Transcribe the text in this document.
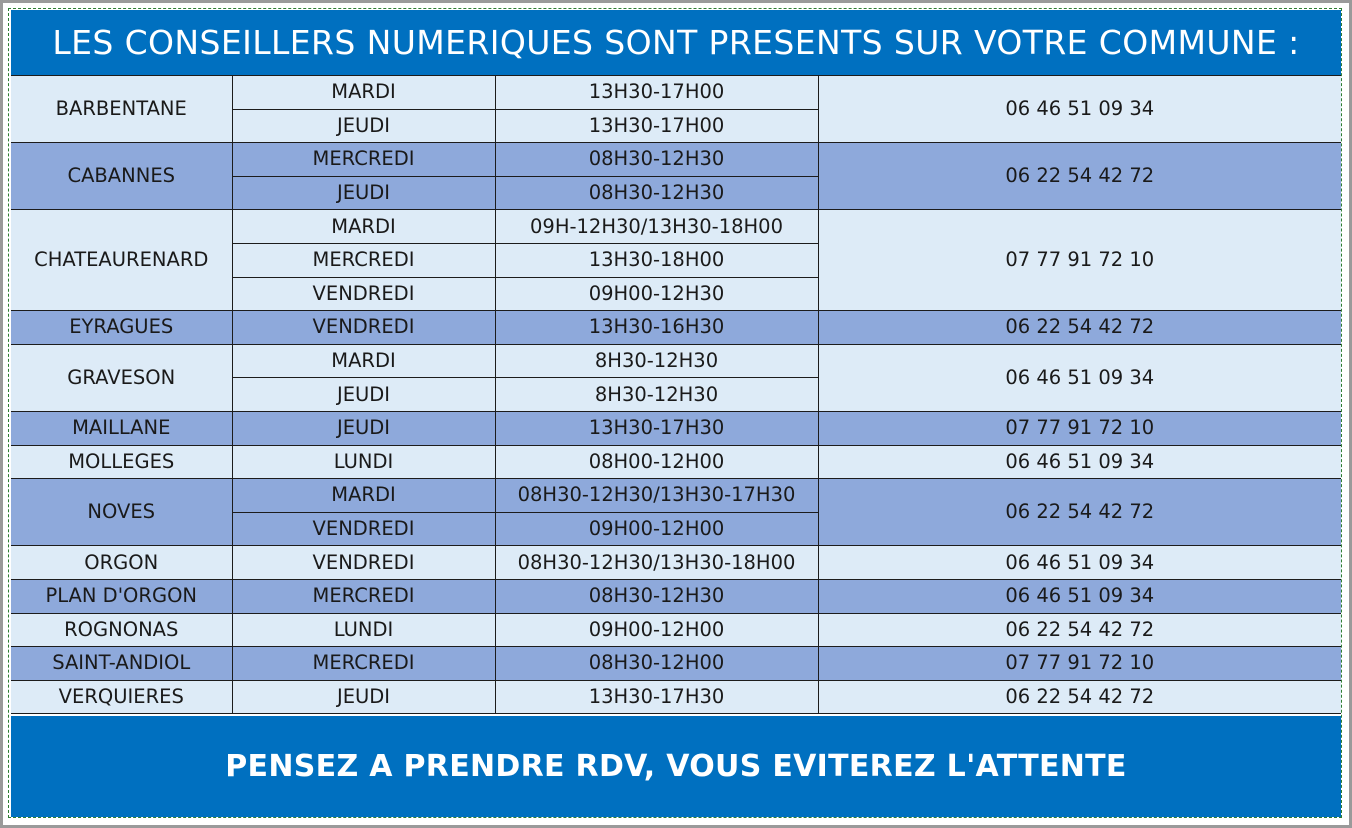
LES CONSEILLERS NUMERIQUES SONT PRESENTS SUR VOTRE COMMUNE :
BARBENTANE	MARDI	13H30-17H00	06 46 51 09 34
	JEUDI	13H30-17H00	
CABANNES	MERCREDI	08H30-12H30	06 22 54 42 72
	JEUDI	08H30-12H30	
CHATEAURENARD	MARDI	09H-12H30/13H30-18H00	07 77 91 72 10
	MERCREDI	13H30-18H00	
	VENDREDI	09H00-12H30	
EYRAGUES	VENDREDI	13H30-16H30	06 22 54 42 72
GRAVESON	MARDI	8H30-12H30	06 46 51 09 34
	JEUDI	8H30-12H30	
MAILLANE	JEUDI	13H30-17H30	07 77 91 72 10
MOLLEGES	LUNDI	08H00-12H00	06 46 51 09 34
NOVES	MARDI	08H30-12H30/13H30-17H30	06 22 54 42 72
	VENDREDI	09H00-12H00	
ORGON	VENDREDI	08H30-12H30/13H30-18H00	06 46 51 09 34
PLAN D'ORGON	MERCREDI	08H30-12H30	06 46 51 09 34
ROGNONAS	LUNDI	09H00-12H00	06 22 54 42 72
SAINT-ANDIOL	MERCREDI	08H30-12H00	07 77 91 72 10
VERQUIERES	JEUDI	13H30-17H30	06 22 54 42 72
PENSEZ A PRENDRE RDV, VOUS EVITEREZ L'ATTENTE
